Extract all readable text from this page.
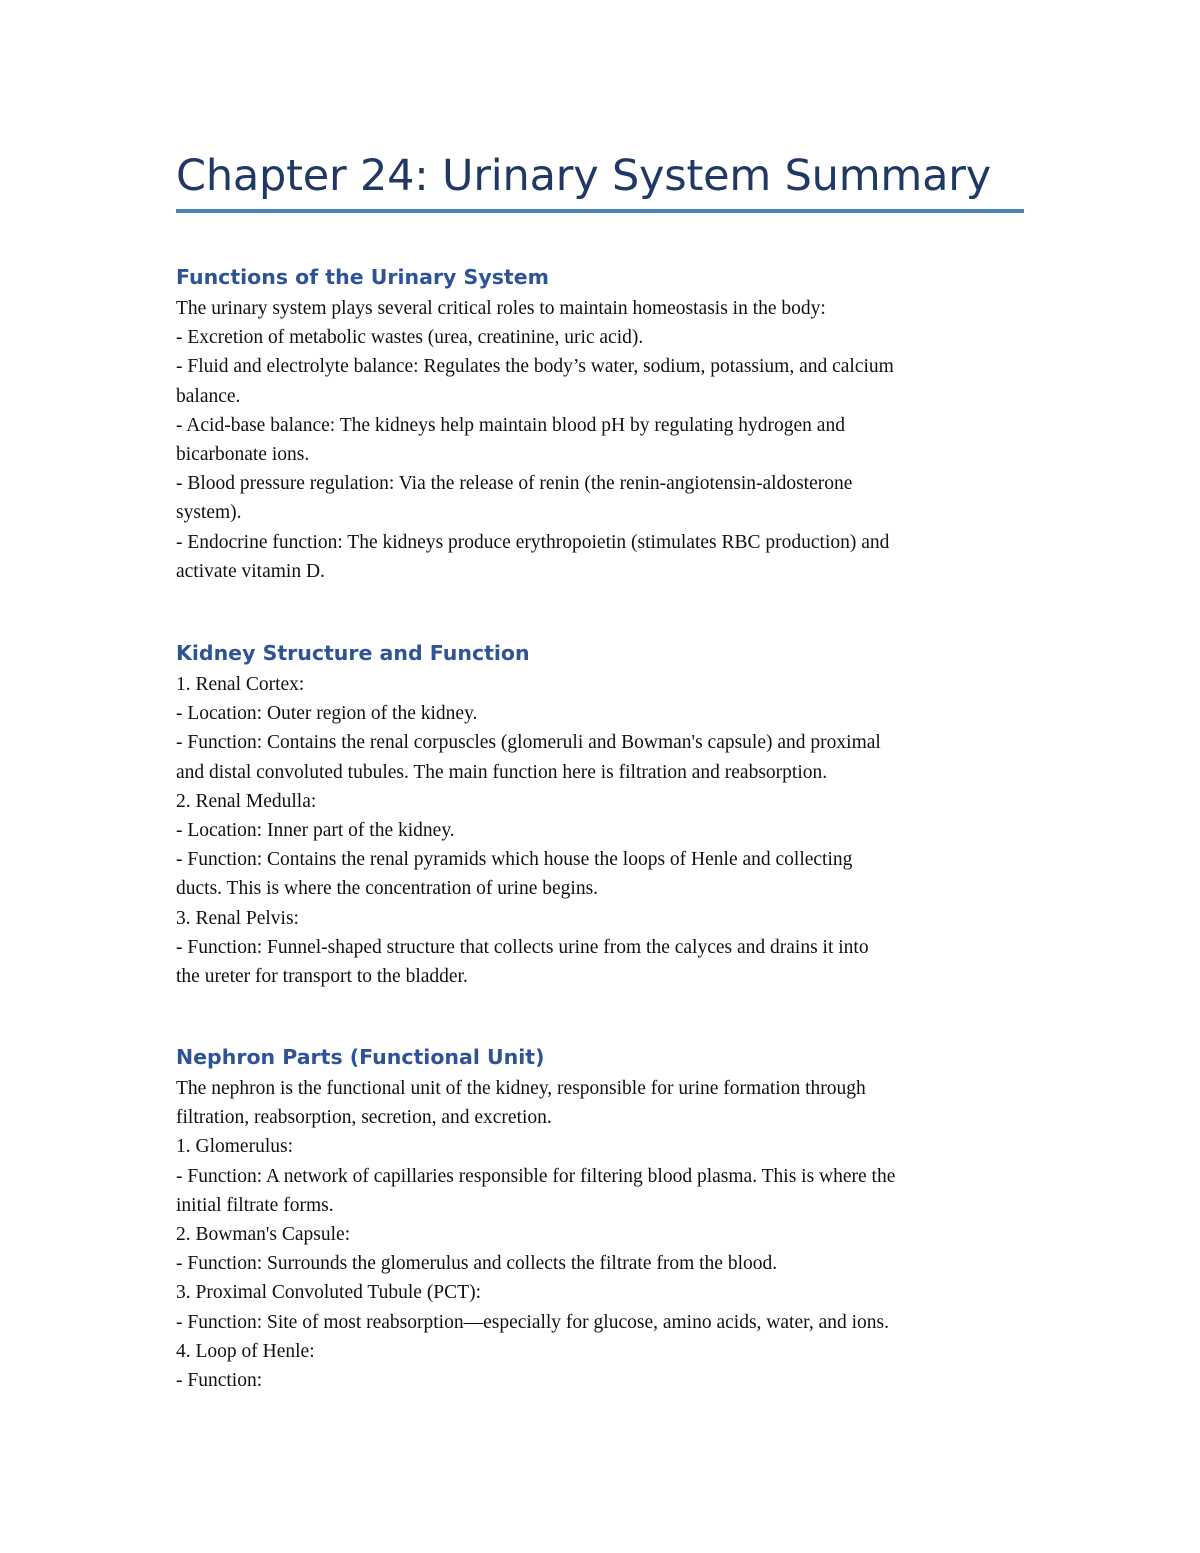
Chapter 24: Urinary System Summary
Functions of the Urinary System
The urinary system plays several critical roles to maintain homeostasis in the body:
- Excretion of metabolic wastes (urea, creatinine, uric acid).
- Fluid and electrolyte balance: Regulates the body’s water, sodium, potassium, and calcium
balance.
- Acid-base balance: The kidneys help maintain blood pH by regulating hydrogen and
bicarbonate ions.
- Blood pressure regulation: Via the release of renin (the renin-angiotensin-aldosterone
system).
- Endocrine function: The kidneys produce erythropoietin (stimulates RBC production) and
activate vitamin D.
Kidney Structure and Function
1. Renal Cortex:
- Location: Outer region of the kidney.
- Function: Contains the renal corpuscles (glomeruli and Bowman's capsule) and proximal
and distal convoluted tubules. The main function here is filtration and reabsorption.
2. Renal Medulla:
- Location: Inner part of the kidney.
- Function: Contains the renal pyramids which house the loops of Henle and collecting
ducts. This is where the concentration of urine begins.
3. Renal Pelvis:
- Function: Funnel-shaped structure that collects urine from the calyces and drains it into
the ureter for transport to the bladder.
Nephron Parts (Functional Unit)
The nephron is the functional unit of the kidney, responsible for urine formation through
filtration, reabsorption, secretion, and excretion.
1. Glomerulus:
- Function: A network of capillaries responsible for filtering blood plasma. This is where the
initial filtrate forms.
2. Bowman's Capsule:
- Function: Surrounds the glomerulus and collects the filtrate from the blood.
3. Proximal Convoluted Tubule (PCT):
- Function: Site of most reabsorption—especially for glucose, amino acids, water, and ions.
4. Loop of Henle:
- Function:
